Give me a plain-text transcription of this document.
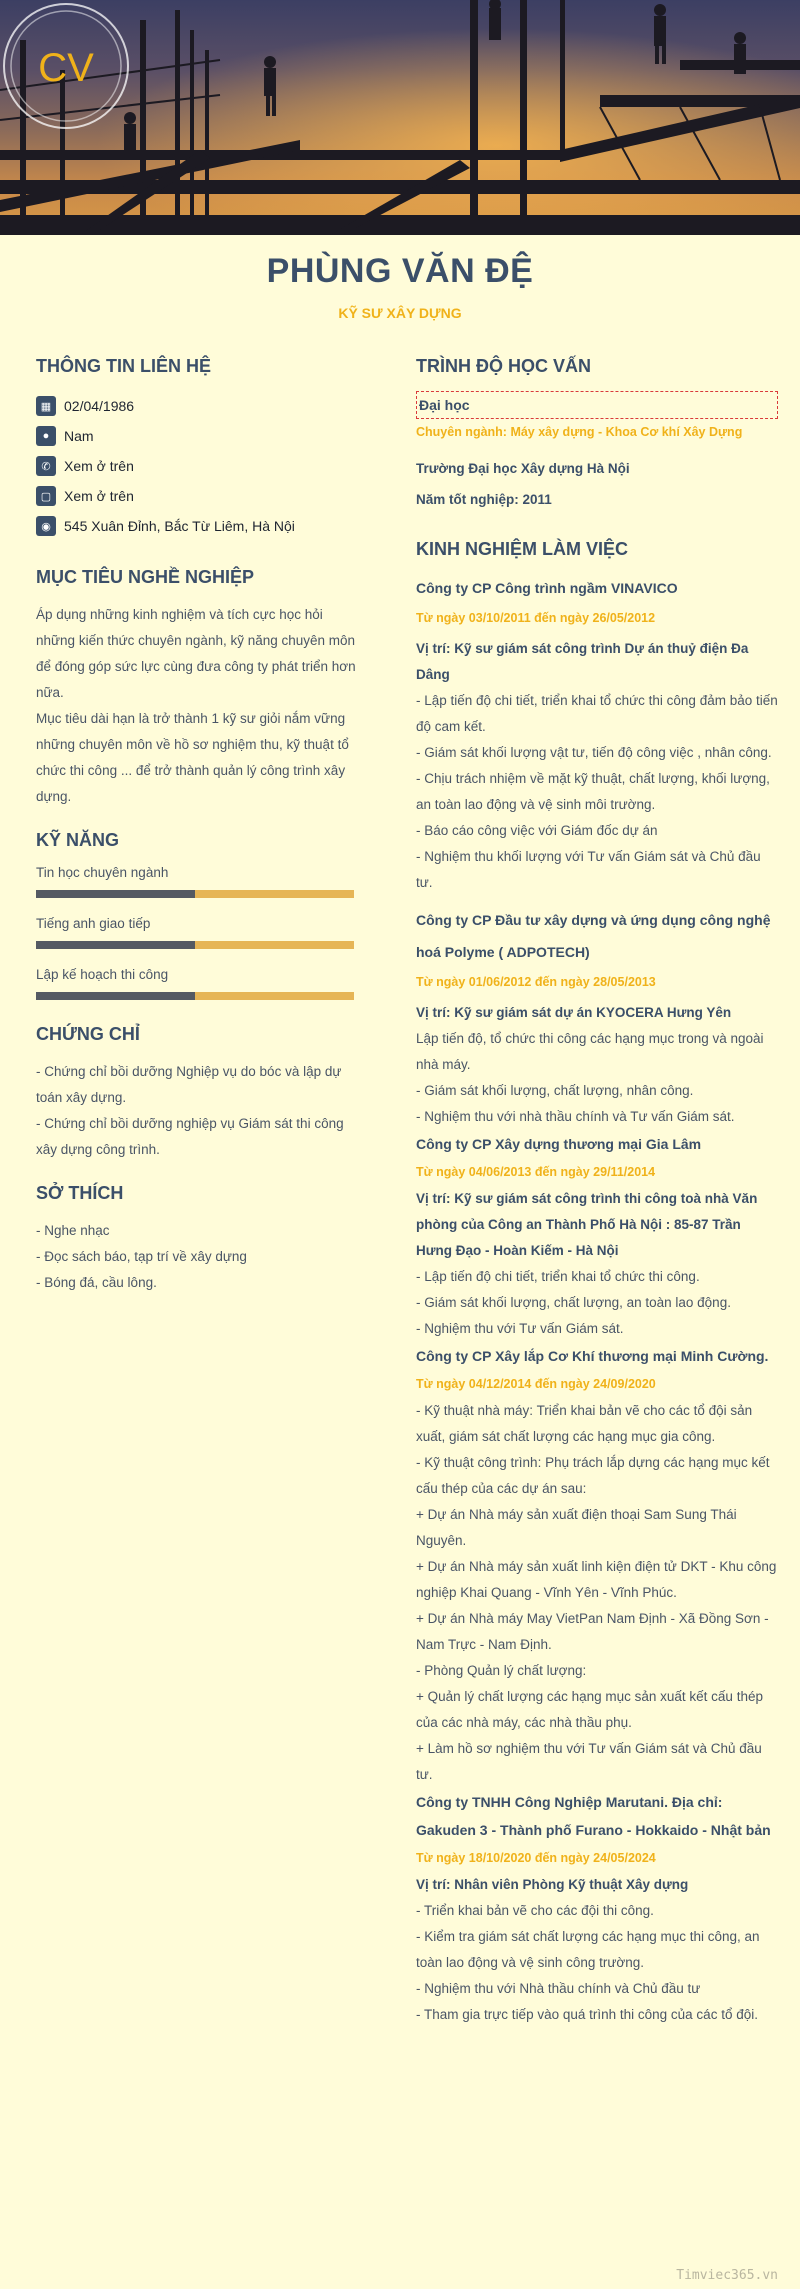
CV
PHÙNG VĂN ĐỆ
KỸ SƯ XÂY DỰNG
THÔNG TIN LIÊN HỆ
▦ 02/04/1986
●	Nam
✆ Xem ở trên
▢ Xem ở trên
◉ 545 Xuân Đỉnh, Bắc Từ Liêm, Hà Nội
MỤC TIÊU NGHỀ NGHIỆP
Áp dụng những kinh nghiệm và tích cực học hỏi những kiến thức chuyên ngành, kỹ năng chuyên môn để đóng góp sức lực cùng đưa công ty phát triển hơn nữa.
Mục tiêu dài hạn là trở thành 1 kỹ sư giỏi nắm vững những chuyên môn về hồ sơ nghiệm thu, kỹ thuật tổ chức thi công ... để trở thành quản lý công trình xây dựng.
KỸ NĂNG
Tin học chuyên ngành
Tiếng anh giao tiếp
Lập kế hoạch thi công
CHỨNG CHỈ
- Chứng chỉ bồi dưỡng Nghiệp vụ do bóc và lập dự toán xây dựng.
- Chứng chỉ bồi dưỡng nghiệp vụ Giám sát thi công xây dựng công trình.
SỞ THÍCH
- Nghe nhạc
- Đọc sách báo, tạp trí về xây dựng
- Bóng đá, cầu lông.
TRÌNH ĐỘ HỌC VẤN
Đại học
Chuyên ngành: Máy xây dựng - Khoa Cơ khí Xây Dựng
Trường Đại học Xây dựng Hà Nội
Năm tốt nghiệp: 2011
KINH NGHIỆM LÀM VIỆC
Công ty CP Công trình ngầm VINAVICO
Từ ngày 03/10/2011 đến ngày 26/05/2012
Vị trí: Kỹ sư giám sát công trình Dự án thuỷ điện Đa Dâng
- Lập tiến độ chi tiết, triển khai tổ chức thi công đảm bảo tiến độ cam kết.
- Giám sát khối lượng vật tư, tiến độ công việc , nhân công.
- Chịu trách nhiệm về mặt kỹ thuật, chất lượng, khối lượng, an toàn lao động và vệ sinh môi trường.
- Báo cáo công việc với Giám đốc dự án
- Nghiệm thu khối lượng với Tư vấn Giám sát và Chủ đầu tư.
Công ty CP Đầu tư xây dựng và ứng dụng công nghệ hoá Polyme ( ADPOTECH)
Từ ngày 01/06/2012 đến ngày 28/05/2013
Vị trí: Kỹ sư giám sát dự án KYOCERA Hưng Yên
Lập tiến độ, tổ chức thi công các hạng mục trong và ngoài nhà máy.
- Giám sát khối lượng, chất lượng, nhân công.
- Nghiệm thu với nhà thầu chính và Tư vấn Giám sát.
Công ty CP Xây dựng thương mại Gia Lâm
Từ ngày 04/06/2013 đến ngày 29/11/2014
Vị trí: Kỹ sư giám sát công trình thi công toà nhà Văn phòng của Công an Thành Phố Hà Nội : 85-87 Trần Hưng Đạo - Hoàn Kiếm - Hà Nội
- Lập tiến độ chi tiết, triển khai tổ chức thi công.
- Giám sát khối lượng, chất lượng, an toàn lao động.
- Nghiệm thu với Tư vấn Giám sát.
Công ty CP Xây lắp Cơ Khí thương mại Minh Cường.
Từ ngày 04/12/2014 đến ngày 24/09/2020
- Kỹ thuật nhà máy: Triển khai bản vẽ cho các tổ đội sản xuất, giám sát chất lượng các hạng mục gia công.
- Kỹ thuật công trình: Phụ trách lắp dựng các hạng mục kết cấu thép của các dự án sau:
+ Dự án Nhà máy sản xuất điện thoại Sam Sung Thái Nguyên.
+ Dự án Nhà máy sản xuất linh kiện điện tử DKT - Khu công nghiệp Khai Quang - Vĩnh Yên - Vĩnh Phúc.
+ Dự án Nhà máy May VietPan Nam Định - Xã Đồng Sơn - Nam Trực - Nam Định.
- Phòng Quản lý chất lượng:
+ Quản lý chất lượng các hạng mục sản xuất kết cấu thép của các nhà máy, các nhà thầu phụ.
+ Làm hồ sơ nghiệm thu với Tư vấn Giám sát và Chủ đầu tư.
Công ty TNHH Công Nghiệp Marutani. Địa chỉ: Gakuden 3 - Thành phố Furano - Hokkaido - Nhật bản
Từ ngày 18/10/2020 đến ngày 24/05/2024
Vị trí: Nhân viên Phòng Kỹ thuật Xây dựng
- Triển khai bản vẽ cho các đội thi công.
- Kiểm tra giám sát chất lượng các hạng mục thi công, an toàn lao động và vệ sinh công trường.
- Nghiệm thu với Nhà thầu chính và Chủ đầu tư
- Tham gia trực tiếp vào quá trình thi công của các tổ đội.
Timviec365.vn
